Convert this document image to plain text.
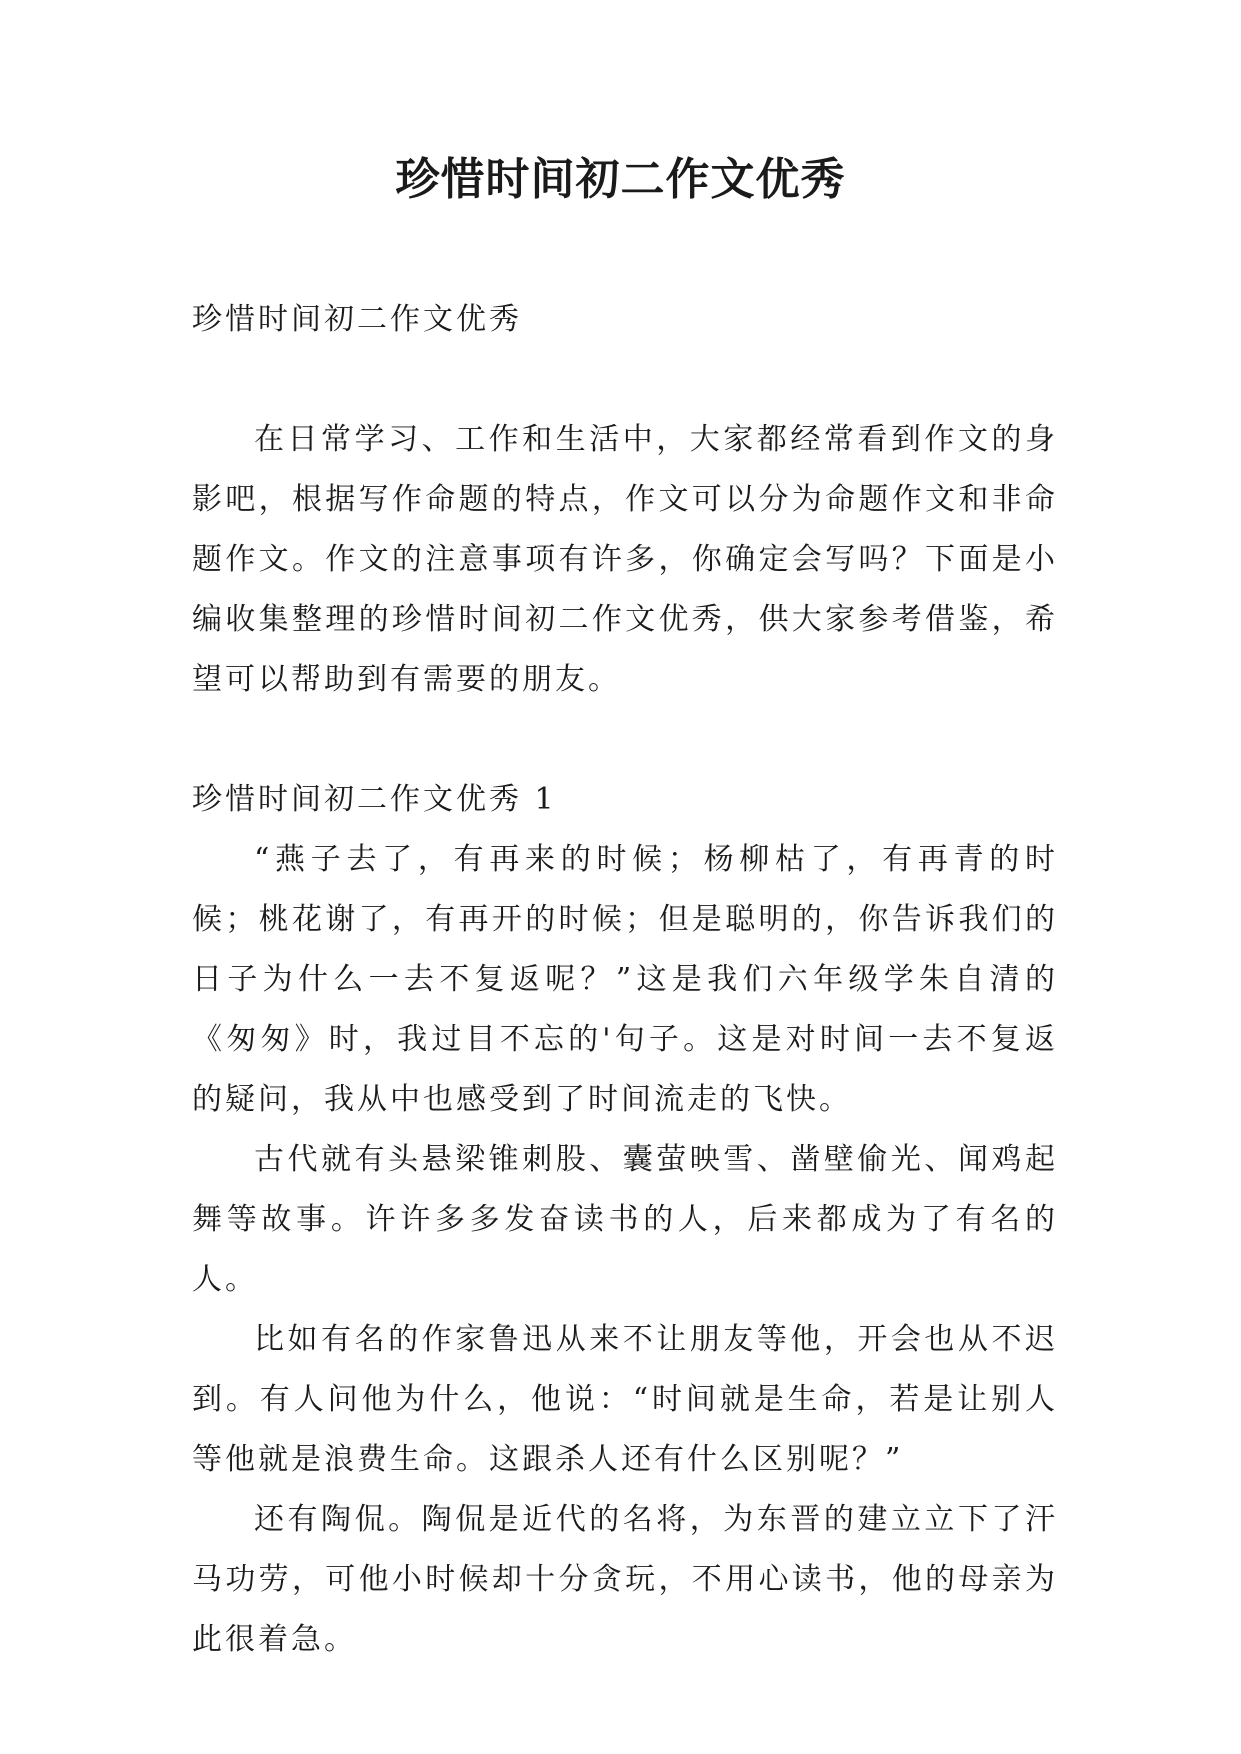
珍惜时间初二作文优秀

珍惜时间初二作文优秀

在日常学习、工作和生活中，大家都经常看到作文的身影吧，根据写作命题的特点，作文可以分为命题作文和非命题作文。作文的注意事项有许多，你确定会写吗？下面是小编收集整理的珍惜时间初二作文优秀，供大家参考借鉴，希望可以帮助到有需要的朋友。

珍惜时间初二作文优秀 1

“燕子去了，有再来的时候；杨柳枯了，有再青的时候；桃花谢了，有再开的时候；但是聪明的，你告诉我们的日子为什么一去不复返呢？”这是我们六年级学朱自清的《匆匆》时，我过目不忘的'句子。这是对时间一去不复返的疑问，我从中也感受到了时间流走的飞快。

古代就有头悬梁锥刺股、囊萤映雪、凿壁偷光、闻鸡起舞等故事。许许多多发奋读书的人，后来都成为了有名的人。

比如有名的作家鲁迅从来不让朋友等他，开会也从不迟到。有人问他为什么，他说：“时间就是生命，若是让别人等他就是浪费生命。这跟杀人还有什么区别呢？”

还有陶侃。陶侃是近代的名将，为东晋的建立立下了汗马功劳，可他小时候却十分贪玩，不用心读书，他的母亲为此很着急。
